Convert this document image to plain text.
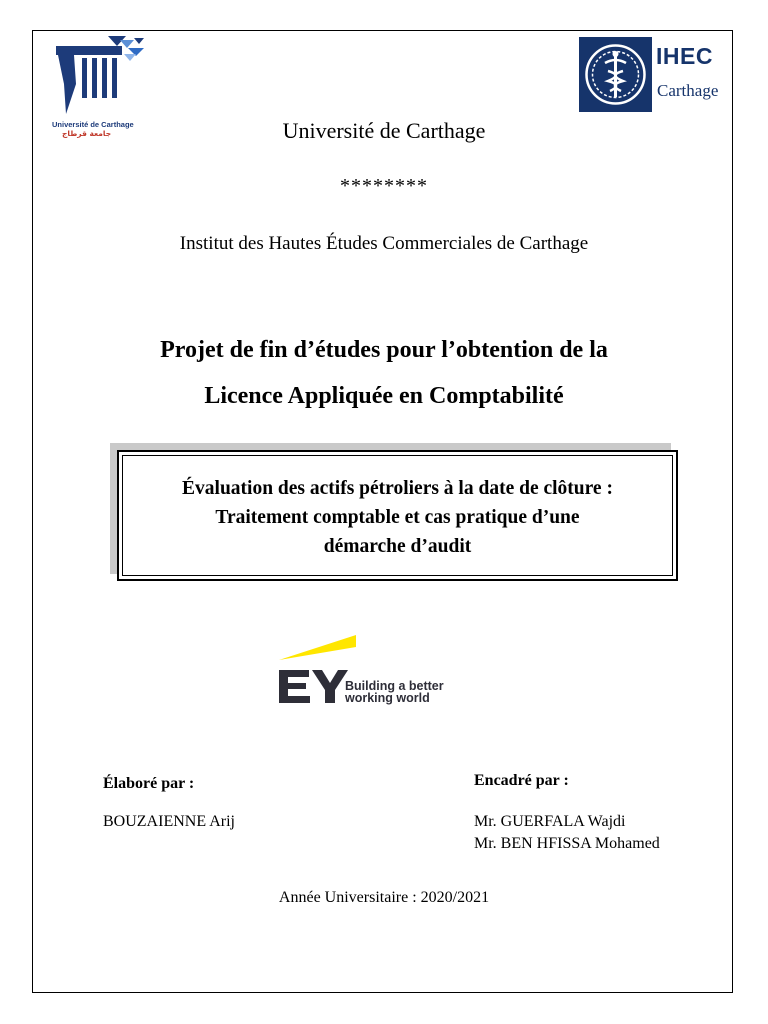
Université de Carthage
جامعة قرطاج
IHEC
Carthage
Université de Carthage
********
Institut des Hautes Études Commerciales de Carthage
Projet de fin d’études pour l’obtention de la
Licence Appliquée en Comptabilité
Évaluation des actifs pétroliers à la date de clôture :
Traitement comptable et cas pratique d’une
démarche d’audit
Building a better
working world
Élaboré par :	Encadré par :
BOUZAIENNE Arij	Mr. GUERFALA Wajdi
Mr. BEN HFISSA Mohamed
Année Universitaire : 2020/2021
